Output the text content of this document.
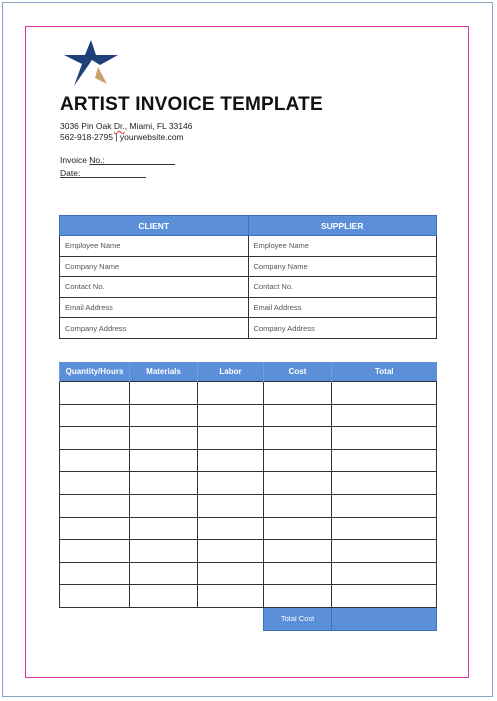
ARTIST INVOICE TEMPLATE
3036 Pin Oak Dr., Miami, FL 33146
562-918-2795 | yourwebsite.com
Invoice No.:
Date:
CLIENT	SUPPLIER
Employee Name	Employee Name
Company Name	Company Name
Contact No.	Contact No.
Email Address	Email Address
Company Address	Company Address
Quantity/Hours	Materials	Labor	Cost	Total

			Total Cost	
